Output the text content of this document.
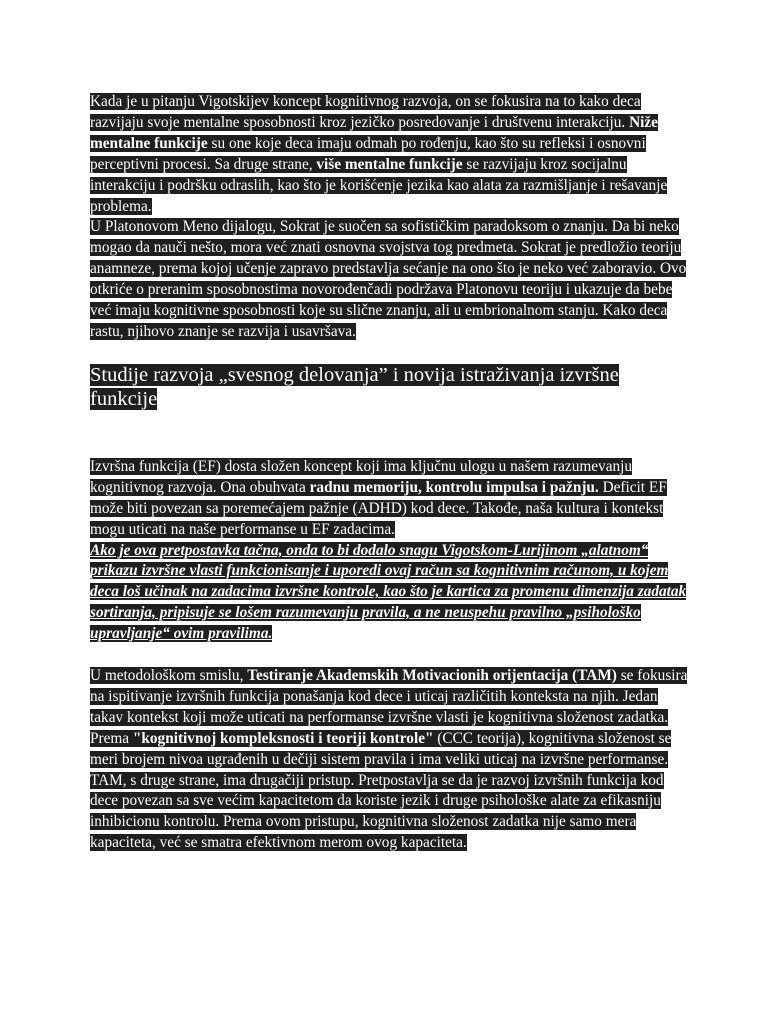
Kada je u pitanju Vigotskijev koncept kognitivnog razvoja, on se fokusira na to kako deca razvijaju svoje mentalne sposobnosti kroz jezičko posredovanje i društvenu interakciju. Niže mentalne funkcije su one koje deca imaju odmah po rođenju, kao što su refleksi i osnovni perceptivni procesi. Sa druge strane, više mentalne funkcije se razvijaju kroz socijalnu interakciju i podršku odraslih, kao što je korišćenje jezika kao alata za razmišljanje i rešavanje problema.

U Platonovom Meno dijalogu, Sokrat je suočen sa sofističkim paradoksom o znanju. Da bi neko mogao da nauči nešto, mora već znati osnovna svojstva tog predmeta. Sokrat je predložio teoriju anamneze, prema kojoj učenje zapravo predstavlja sećanje na ono što je neko već zaboravio. Ovo otkriće o preranim sposobnostima novorođenčadi podržava Platonovu teoriju i ukazuje da bebe već imaju kognitivne sposobnosti koje su slične znanju, ali u embrionalnom stanju. Kako deca rastu, njihovo znanje se razvija i usavršava.

Studije razvoja „svesnog delovanja” i novija istraživanja izvršne funkcije

Izvršna funkcija (EF) dosta složen koncept koji ima ključnu ulogu u našem razumevanju kognitivnog razvoja. Ona obuhvata radnu memoriju, kontrolu impulsa i pažnju. Deficit EF može biti povezan sa poremećajem pažnje (ADHD) kod dece. Takođe, naša kultura i kontekst mogu uticati na naše performanse u EF zadacima.

Ako je ova pretpostavka tačna, onda to bi dodalo snagu Vigotskom-Lurijinom „alatnom“ prikazu izvršne vlasti funkcionisanje i uporedi ovaj račun sa kognitivnim računom, u kojem deca loš učinak na zadacima izvršne kontrole, kao što je kartica za promenu dimenzija zadatak sortiranja, pripisuje se lošem razumevanju pravila, a ne neuspehu pravilno „psihološko upravljanje“ ovim pravilima.

U metodološkom smislu, Testiranje Akademskih Motivacionih orijentacija (TAM) se fokusira na ispitivanje izvršnih funkcija ponašanja kod dece i uticaj različitih konteksta na njih. Jedan takav kontekst koji može uticati na performanse izvršne vlasti je kognitivna složenost zadatka. Prema "kognitivnoj kompleksnosti i teoriji kontrole" (CCC teorija), kognitivna složenost se meri brojem nivoa ugrađenih u dečiji sistem pravila i ima veliki uticaj na izvršne performanse.

TAM, s druge strane, ima drugačiji pristup. Pretpostavlja se da je razvoj izvršnih funkcija kod dece povezan sa sve većim kapacitetom da koriste jezik i druge psihološke alate za efikasniju inhibicionu kontrolu. Prema ovom pristupu, kognitivna složenost zadatka nije samo mera kapaciteta, već se smatra efektivnom merom ovog kapaciteta.
